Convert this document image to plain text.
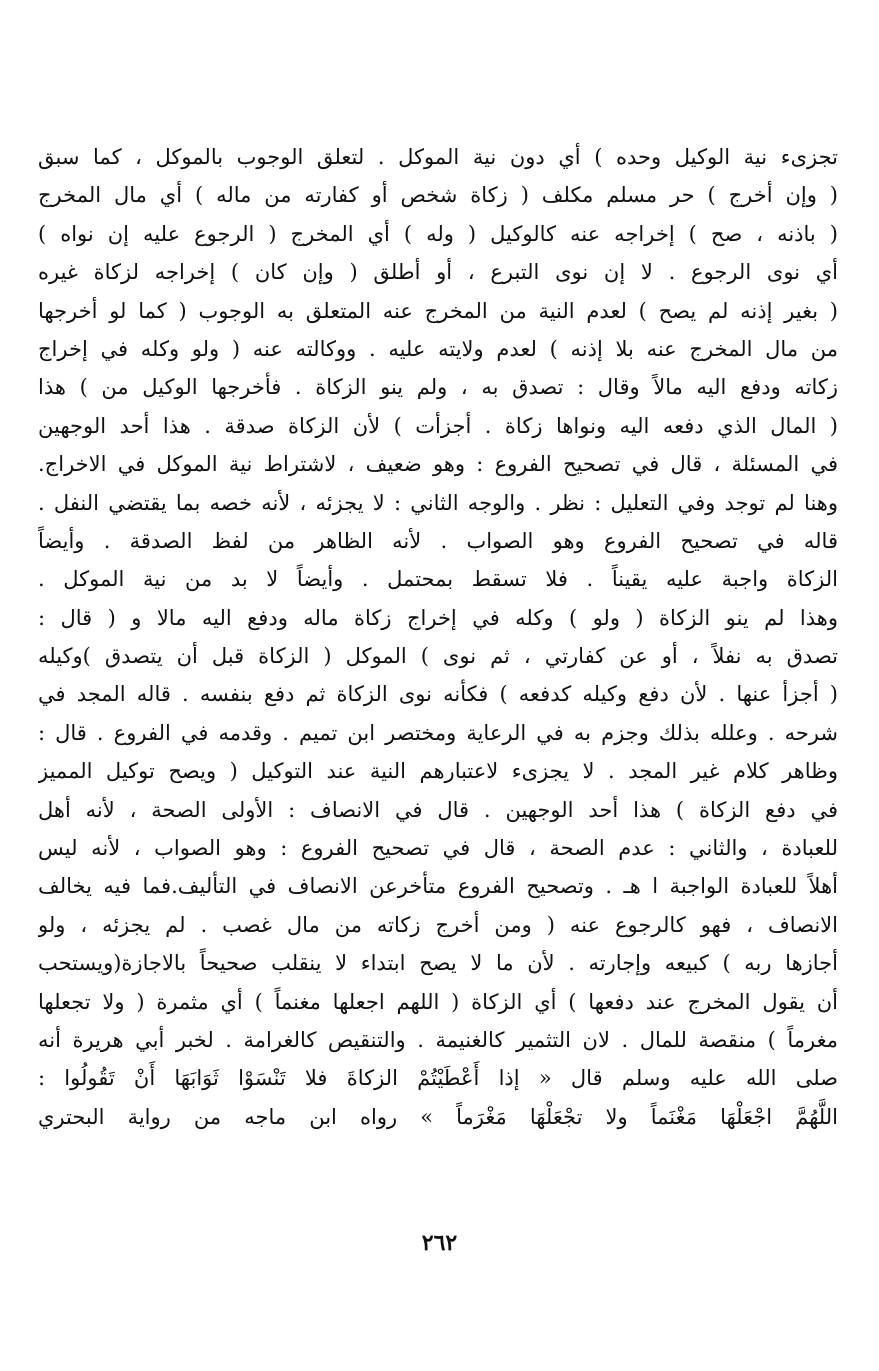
تجزىء نية الوكيل وحده ) أي دون نية الموكل . لتعلق الوجوب بالموكل ، كما سبق
( وإن أخرج ) حر مسلم مكلف ( زكاة شخص أو كفارته من ماله ) أي مال المخرج
( باذنه ، صح ) إخراجه عنه كالوكيل ( وله ) أي المخرج ( الرجوع عليه إن نواه )
أي نوى الرجوع . لا إن نوى التبرع ، أو أطلق ( وإن كان ) إخراجه لزكاة غيره
( بغير إذنه لم يصح ) لعدم النية من المخرج عنه المتعلق به الوجوب ( كما لو أخرجها
من مال المخرج عنه بلا إذنه ) لعدم ولايته عليه . ووكالته عنه ( ولو وكله في إخراج
زكاته ودفع اليه مالاً وقال : تصدق به ، ولم ينو الزكاة . فأخرجها الوكيل من ) هذا
( المال الذي دفعه اليه ونواها زكاة . أجزأت ) لأن الزكاة صدقة . هذا أحد الوجهين
في المسئلة ، قال في تصحيح الفروع : وهو ضعيف ، لاشتراط نية الموكل في الاخراج.
وهنا لم توجد وفي التعليل : نظر . والوجه الثاني : لا يجزئه ، لأنه خصه بما يقتضي النفل .
قاله في تصحيح الفروع وهو الصواب . لأنه الظاهر من لفظ الصدقة . وأيضاً
الزكاة واجبة عليه يقيناً . فلا تسقط بمحتمل . وأيضاً لا بد من نية الموكل .
وهذا لم ينو الزكاة ( ولو ) وكله في إخراج زكاة ماله ودفع اليه مالا و ( قال :
تصدق به نفلاً ، أو عن كفارتي ، ثم نوى ) الموكل ( الزكاة قبل أن يتصدق )وكيله
( أجزأ عنها . لأن دفع وكيله كدفعه ) فكأنه نوى الزكاة ثم دفع بنفسه . قاله المجد في
شرحه . وعلله بذلك وجزم به في الرعاية ومختصر ابن تميم . وقدمه في الفروع . قال :
وظاهر كلام غير المجد . لا يجزىء لاعتبارهم النية عند التوكيل ( ويصح توكيل المميز
في دفع الزكاة ) هذا أحد الوجهين . قال في الانصاف : الأولى الصحة ، لأنه أهل
للعبادة ، والثاني : عدم الصحة ، قال في تصحيح الفروع : وهو الصواب ، لأنه ليس
أهلاً للعبادة الواجبة ا هـ . وتصحيح الفروع متأخرعن الانصاف في التأليف.فما فيه يخالف
الانصاف ، فهو كالرجوع عنه ( ومن أخرج زكاته من مال غصب . لم يجزئه ، ولو
أجازها ربه ) كبيعه وإجارته . لأن ما لا يصح ابتداء لا ينقلب صحيحاً بالاجازة(ويستحب
أن يقول المخرج عند دفعها ) أي الزكاة ( اللهم اجعلها مغنماً ) أي مثمرة ( ولا تجعلها
مغرماً ) منقصة للمال . لان التثمير كالغنيمة . والتنقيص كالغرامة . لخبر أبي هريرة أنه
صلى الله عليه وسلم قال « إذا أَعْطَيْتُمْ الزكاةَ فلا تَنْسَوْا ثَوَابَهَا أَنْ تَقُولُوا :
اللَّهُمَّ اجْعَلْهَا مَغْنَماً ولا تجْعَلْهَا مَغْرَماً » رواه ابن ماجه من رواية البحتري
٢٦٢
